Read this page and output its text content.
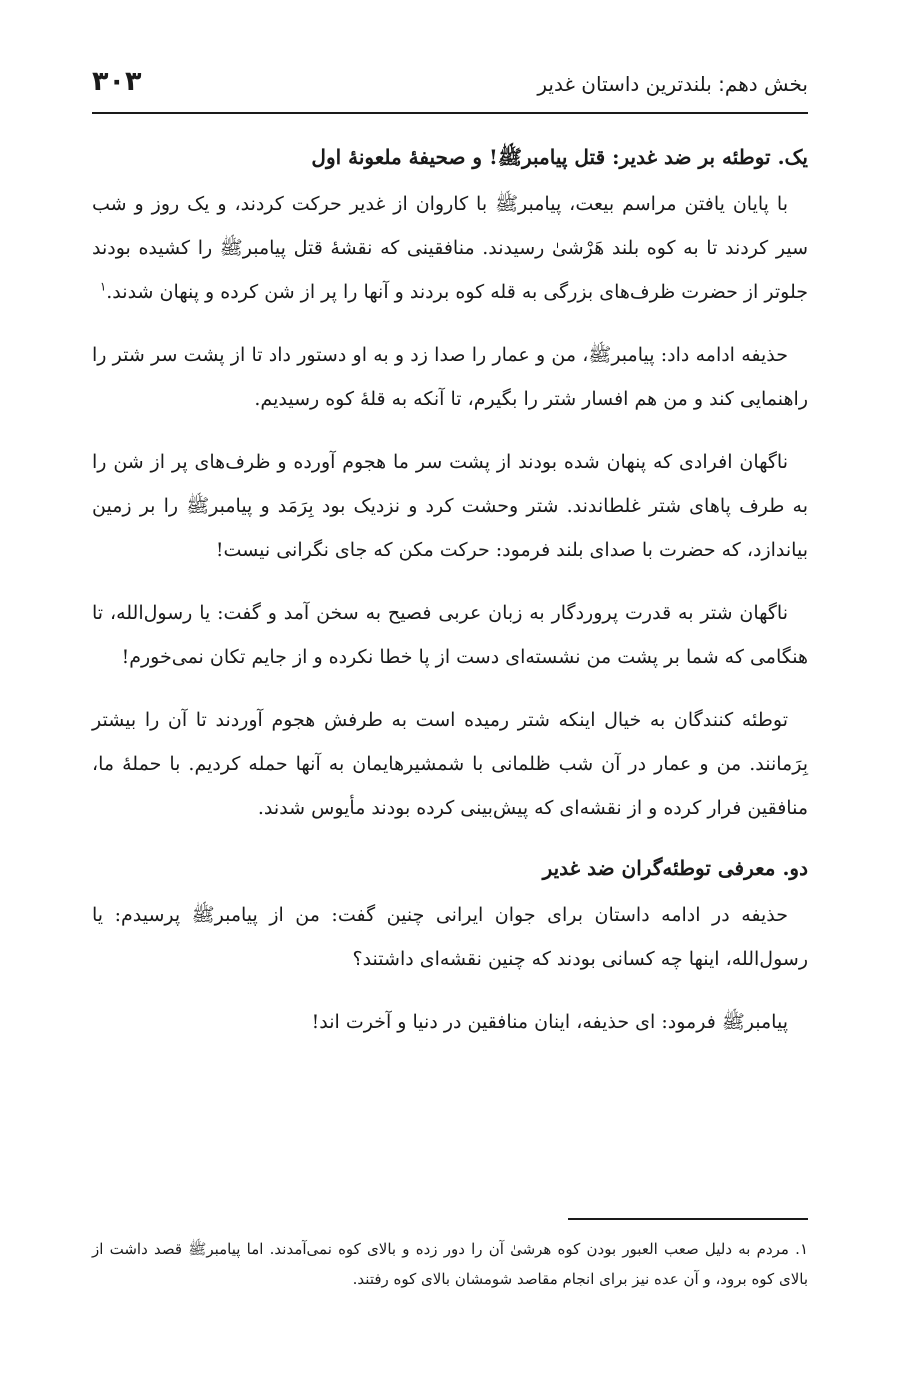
بخش دهم: بلندترین داستان غدیر
۳۰۳
یک. توطئه بر ضد غدیر: قتل پیامبرﷺ! و صحیفهٔ ملعونهٔ اول

با پایان یافتن مراسم بیعت، پیامبرﷺ با کاروان از غدیر حرکت کردند، و یک روز و شب سیر کردند تا به کوه بلند هَرْشیٰ رسیدند. منافقینی که نقشهٔ قتل پیامبرﷺ را کشیده بودند جلوتر از حضرت ظرف‌های بزرگی به قله کوه بردند و آنها را پر از شن کرده و پنهان شدند.$^۱$

حذیفه ادامه داد: پیامبرﷺ، من و عمار را صدا زد و به او دستور داد تا از پشت سر شتر را راهنمایی کند و من هم افسار شتر را بگیرم، تا آنکه به قلهٔ کوه رسیدیم.

ناگهان افرادی که پنهان شده بودند از پشت سر ما هجوم آورده و ظرف‌های پر از شن را به طرف پاهای شتر غلطاندند. شتر وحشت کرد و نزدیک بود بِرَمَد و پیامبرﷺ را بر زمین بیاندازد، که حضرت با صدای بلند فرمود: حرکت مکن که جای نگرانی نیست!

ناگهان شتر به قدرت پروردگار به زبان عربی فصیح به سخن آمد و گفت: یا رسول‌الله، تا هنگامی که شما بر پشت من نشسته‌ای دست از پا خطا نکرده و از جایم تکان نمی‌خورم!

توطئه کنندگان به خیال اینکه شتر رمیده است به طرفش هجوم آوردند تا آن را بیشتر بِرَمانند. من و عمار در آن شب ظلمانی با شمشیرهایمان به آنها حمله کردیم. با حملهٔ ما، منافقین فرار کرده و از نقشه‌ای که پیش‌بینی کرده بودند مأیوس شدند.

دو. معرفی توطئه‌گران ضد غدیر

حذیفه در ادامه داستان برای جوان ایرانی چنین گفت: من از پیامبرﷺ پرسیدم: یا رسول‌الله، اینها چه کسانی بودند که چنین نقشه‌ای داشتند؟

پیامبرﷺ فرمود: ای حذیفه، اینان منافقین در دنیا و آخرت اند!

۱. مردم به دلیل صعب العبور بودن کوه هرشیٰ آن را دور زده و بالای کوه نمی‌آمدند. اما پیامبرﷺ قصد داشت از بالای کوه برود، و آن عده نیز برای انجام مقاصد شومشان بالای کوه رفتند.
